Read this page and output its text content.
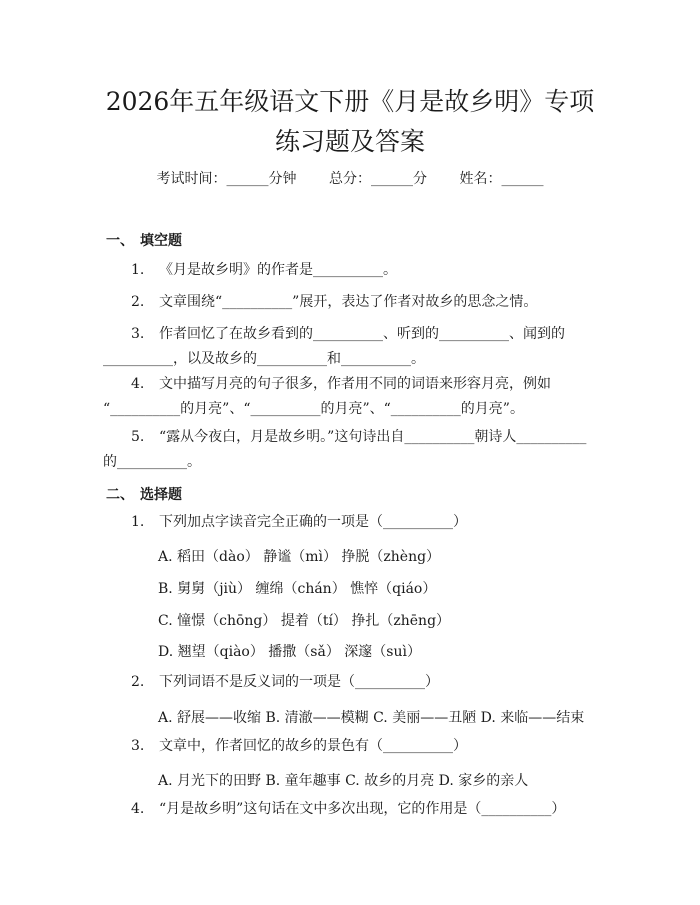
2026年五年级语文下册《月是故乡明》专项
练习题及答案
考试时间：______分钟 总分：______分 姓名：______
一、 填空题
1. 《月是故乡明》的作者是__________。
2. 文章围绕“__________”展开，表达了作者对故乡的思念之情。
3. 作者回忆了在故乡看到的__________、听到的__________、闻到的
__________，以及故乡的__________和__________。
4. 文中描写月亮的句子很多，作者用不同的词语来形容月亮，例如
“__________的月亮”、“__________的月亮”、“__________的月亮”。
5. “露从今夜白，月是故乡明。”这句诗出自__________朝诗人__________
的__________。
二、 选择题
1. 下列加点字读音完全正确的一项是（__________）
A. 稻田（dào） 静谧（mì） 挣脱（zhèng）
B. 舅舅（jiù） 缠绵（chán） 憔悴（qiáo）
C. 憧憬（chōng） 提着（tí） 挣扎（zhēng）
D. 翘望（qiào） 播撒（sǎ） 深邃（suì）
2. 下列词语不是反义词的一项是（__________）
A. 舒展——收缩 B. 清澈——模糊 C. 美丽——丑陋 D. 来临——结束
3. 文章中，作者回忆的故乡的景色有（__________）
A. 月光下的田野 B. 童年趣事 C. 故乡的月亮 D. 家乡的亲人
4. “月是故乡明”这句话在文中多次出现，它的作用是（__________）
